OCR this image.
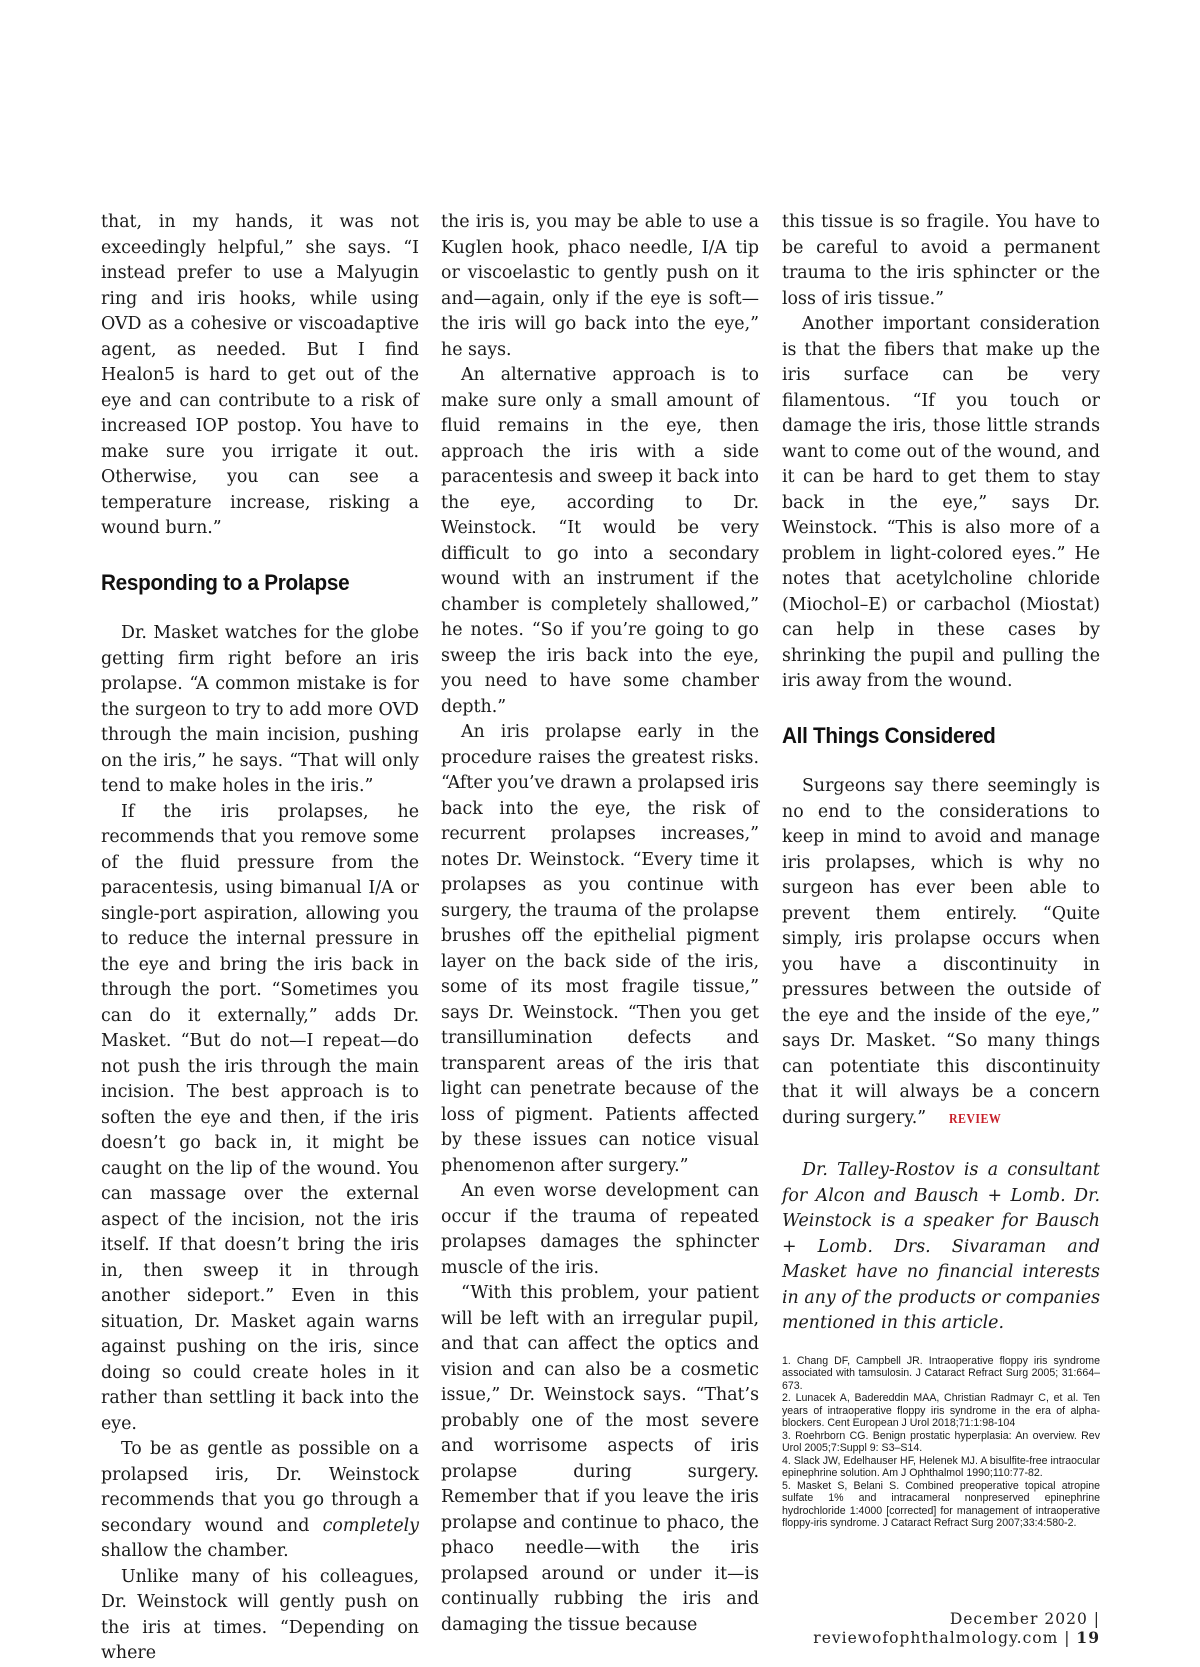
that, in my hands, it was not exceedingly helpful,” she says. “I instead prefer to use a Malyugin ring and iris hooks, while using OVD as a cohesive or viscoadaptive agent, as needed. But I find Healon5 is hard to get out of the eye and can contribute to a risk of increased IOP postop. You have to make sure you irrigate it out. Otherwise, you can see a temperature increase, risking a wound burn.”

Responding to a Prolapse

Dr. Masket watches for the globe getting firm right before an iris prolapse. “A common mistake is for the surgeon to try to add more OVD through the main incision, pushing on the iris,” he says. “That will only tend to make holes in the iris.”

If the iris prolapses, he recommends that you remove some of the fluid pressure from the paracentesis, using bimanual I/A or single-port aspiration, allowing you to reduce the internal pressure in the eye and bring the iris back in through the port. “Sometimes you can do it externally,” adds Dr. Masket. “But do not—I repeat—do not push the iris through the main incision. The best approach is to soften the eye and then, if the iris doesn’t go back in, it might be caught on the lip of the wound. You can massage over the external aspect of the incision, not the iris itself. If that doesn’t bring the iris in, then sweep it in through another sideport.” Even in this situation, Dr. Masket again warns against pushing on the iris, since doing so could create holes in it rather than settling it back into the eye.

To be as gentle as possible on a prolapsed iris, Dr. Weinstock recommends that you go through a secondary wound and completely shallow the chamber.

Unlike many of his colleagues, Dr. Weinstock will gently push on the iris at times. “Depending on where

the iris is, you may be able to use a Kuglen hook, phaco needle, I/A tip or viscoelastic to gently push on it and—again, only if the eye is soft—the iris will go back into the eye,” he says.

An alternative approach is to make sure only a small amount of fluid remains in the eye, then approach the iris with a side paracentesis and sweep it back into the eye, according to Dr. Weinstock. “It would be very difficult to go into a secondary wound with an instrument if the chamber is completely shallowed,” he notes. “So if you’re going to go sweep the iris back into the eye, you need to have some chamber depth.”

An iris prolapse early in the procedure raises the greatest risks. “After you’ve drawn a prolapsed iris back into the eye, the risk of recurrent prolapses increases,” notes Dr. Weinstock. “Every time it prolapses as you continue with surgery, the trauma of the prolapse brushes off the epithelial pigment layer on the back side of the iris, some of its most fragile tissue,” says Dr. Weinstock. “Then you get transillumination defects and transparent areas of the iris that light can penetrate because of the loss of pigment. Patients affected by these issues can notice visual phenomenon after surgery.”

An even worse development can occur if the trauma of repeated prolapses damages the sphincter muscle of the iris.

“With this problem, your patient will be left with an irregular pupil, and that can affect the optics and vision and can also be a cosmetic issue,” Dr. Weinstock says. “That’s probably one of the most severe and worrisome aspects of iris prolapse during surgery. Remember that if you leave the iris prolapse and continue to phaco, the phaco needle—with the iris prolapsed around or under it—is continually rubbing the iris and damaging the tissue because

this tissue is so fragile. You have to be careful to avoid a permanent trauma to the iris sphincter or the loss of iris tissue.”

Another important consideration is that the fibers that make up the iris surface can be very filamentous. “If you touch or damage the iris, those little strands want to come out of the wound, and it can be hard to get them to stay back in the eye,” says Dr. Weinstock. “This is also more of a problem in light-colored eyes.” He notes that acetylcholine chloride (Miochol–E) or carbachol (Miostat) can help in these cases by shrinking the pupil and pulling the iris away from the wound.

All Things Considered

Surgeons say there seemingly is no end to the considerations to keep in mind to avoid and manage iris prolapses, which is why no surgeon has ever been able to prevent them entirely. “Quite simply, iris prolapse occurs when you have a discontinuity in pressures between the outside of the eye and the inside of the eye,” says Dr. Masket. “So many things can potentiate this discontinuity that it will always be a concern during surgery.” REVIEW

Dr. Talley-Rostov is a consultant for Alcon and Bausch + Lomb. Dr. Weinstock is a speaker for Bausch + Lomb. Drs. Sivaraman and Masket have no financial interests in any of the products or companies mentioned in this article.

1. Chang DF, Campbell JR. Intraoperative floppy iris syndrome associated with tamsulosin. J Cataract Refract Surg 2005; 31:664–673.
2. Lunacek A, Badereddin MAA, Christian Radmayr C, et al. Ten years of intraoperative floppy iris syndrome in the era of alpha-blockers. Cent European J Urol 2018;71:1:98-104
3. Roehrborn CG. Benign prostatic hyperplasia: An overview. Rev Urol 2005;7:Suppl 9: S3–S14.
4. Slack JW, Edelhauser HF, Helenek MJ. A bisulfite-free intraocular epinephrine solution. Am J Ophthalmol 1990;110:77-82.
5. Masket S, Belani S. Combined preoperative topical atropine sulfate 1% and intracameral nonpreserved epinephrine hydrochloride 1:4000 [corrected] for management of intraoperative floppy-iris syndrome. J Cataract Refract Surg 2007;33:4:580-2.
December 2020 | reviewofophthalmology.com | 19
